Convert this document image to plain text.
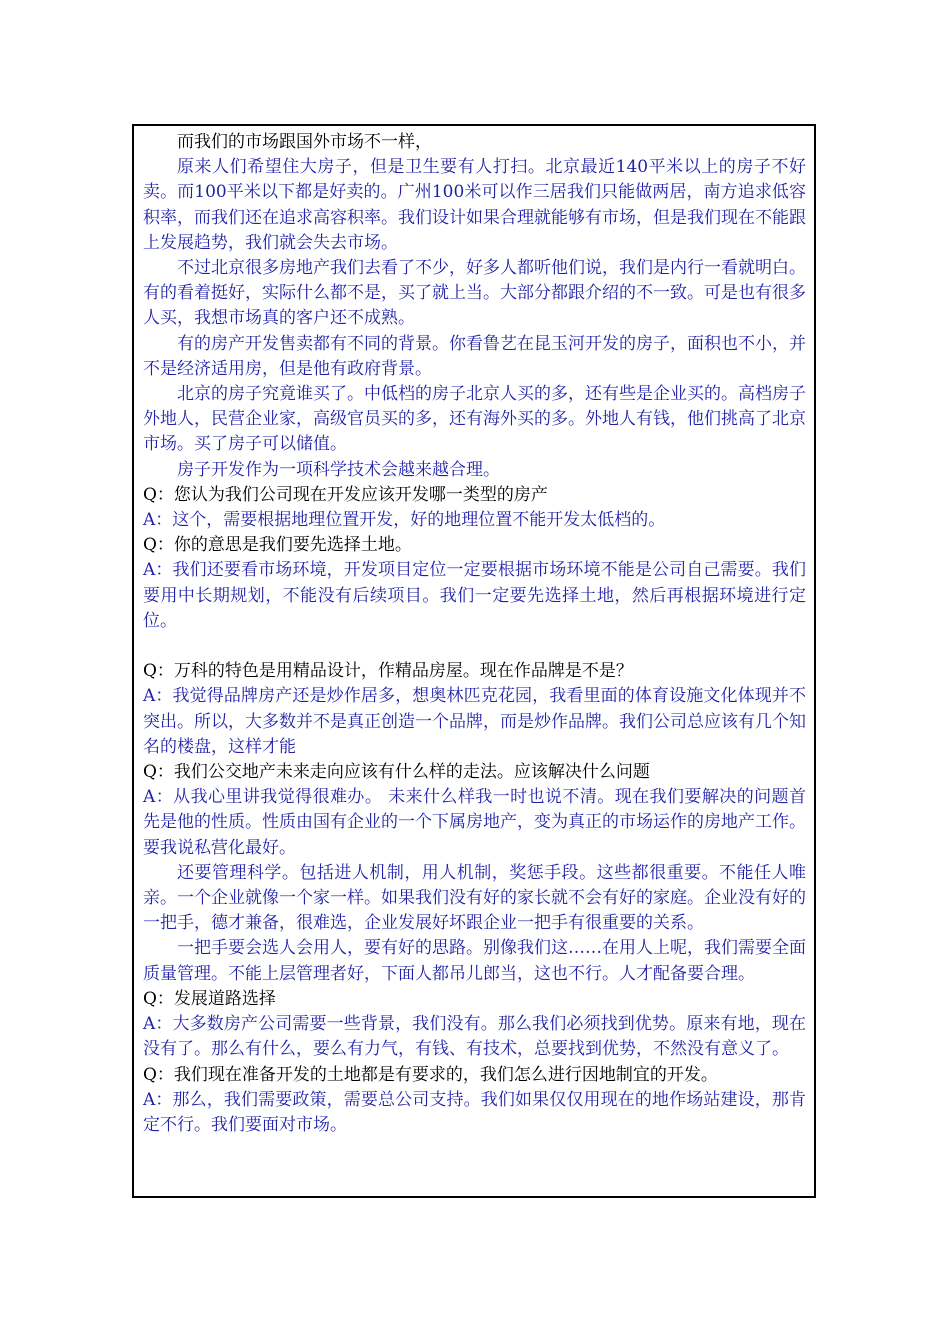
而我们的市场跟国外市场不一样，

原来人们希望住大房子，但是卫生要有人打扫。北京最近140平米以上的房子不好卖。而100平米以下都是好卖的。广州100米可以作三居我们只能做两居，南方追求低容积率，而我们还在追求高容积率。我们设计如果合理就能够有市场，但是我们现在不能跟上发展趋势，我们就会失去市场。

不过北京很多房地产我们去看了不少，好多人都听他们说，我们是内行一看就明白。有的看着挺好，实际什么都不是，买了就上当。大部分都跟介绍的不一致。可是也有很多人买，我想市场真的客户还不成熟。

有的房产开发售卖都有不同的背景。你看鲁艺在昆玉河开发的房子，面积也不小，并不是经济适用房，但是他有政府背景。

北京的房子究竟谁买了。中低档的房子北京人买的多，还有些是企业买的。高档房子外地人，民营企业家，高级官员买的多，还有海外买的多。外地人有钱，他们挑高了北京市场。买了房子可以储值。

房子开发作为一项科学技术会越来越合理。

Q：您认为我们公司现在开发应该开发哪一类型的房产

A：这个，需要根据地理位置开发，好的地理位置不能开发太低档的。

Q：你的意思是我们要先选择土地。

A：我们还要看市场环境，开发项目定位一定要根据市场环境不能是公司自己需要。我们要用中长期规划，不能没有后续项目。我们一定要先选择土地，然后再根据环境进行定位。

Q：万科的特色是用精品设计，作精品房屋。现在作品牌是不是？

A：我觉得品牌房产还是炒作居多，想奥林匹克花园，我看里面的体育设施文化体现并不突出。所以，大多数并不是真正创造一个品牌，而是炒作品牌。我们公司总应该有几个知名的楼盘，这样才能

Q：我们公交地产未来走向应该有什么样的走法。应该解决什么问题

A：从我心里讲我觉得很难办。 未来什么样我一时也说不清。现在我们要解决的问题首先是他的性质。性质由国有企业的一个下属房地产，变为真正的市场运作的房地产工作。要我说私营化最好。

还要管理科学。包括进人机制，用人机制，奖惩手段。这些都很重要。不能任人唯亲。一个企业就像一个家一样。如果我们没有好的家长就不会有好的家庭。企业没有好的一把手，德才兼备，很难选，企业发展好坏跟企业一把手有很重要的关系。

一把手要会选人会用人，要有好的思路。别像我们这……在用人上呢，我们需要全面质量管理。不能上层管理者好，下面人都吊儿郎当，这也不行。人才配备要合理。

Q：发展道路选择

A：大多数房产公司需要一些背景，我们没有。那么我们必须找到优势。原来有地，现在没有了。那么有什么，要么有力气，有钱、有技术，总要找到优势，不然没有意义了。

Q：我们现在准备开发的土地都是有要求的，我们怎么进行因地制宜的开发。

A：那么，我们需要政策，需要总公司支持。我们如果仅仅用现在的地作场站建设，那肯定不行。我们要面对市场。
